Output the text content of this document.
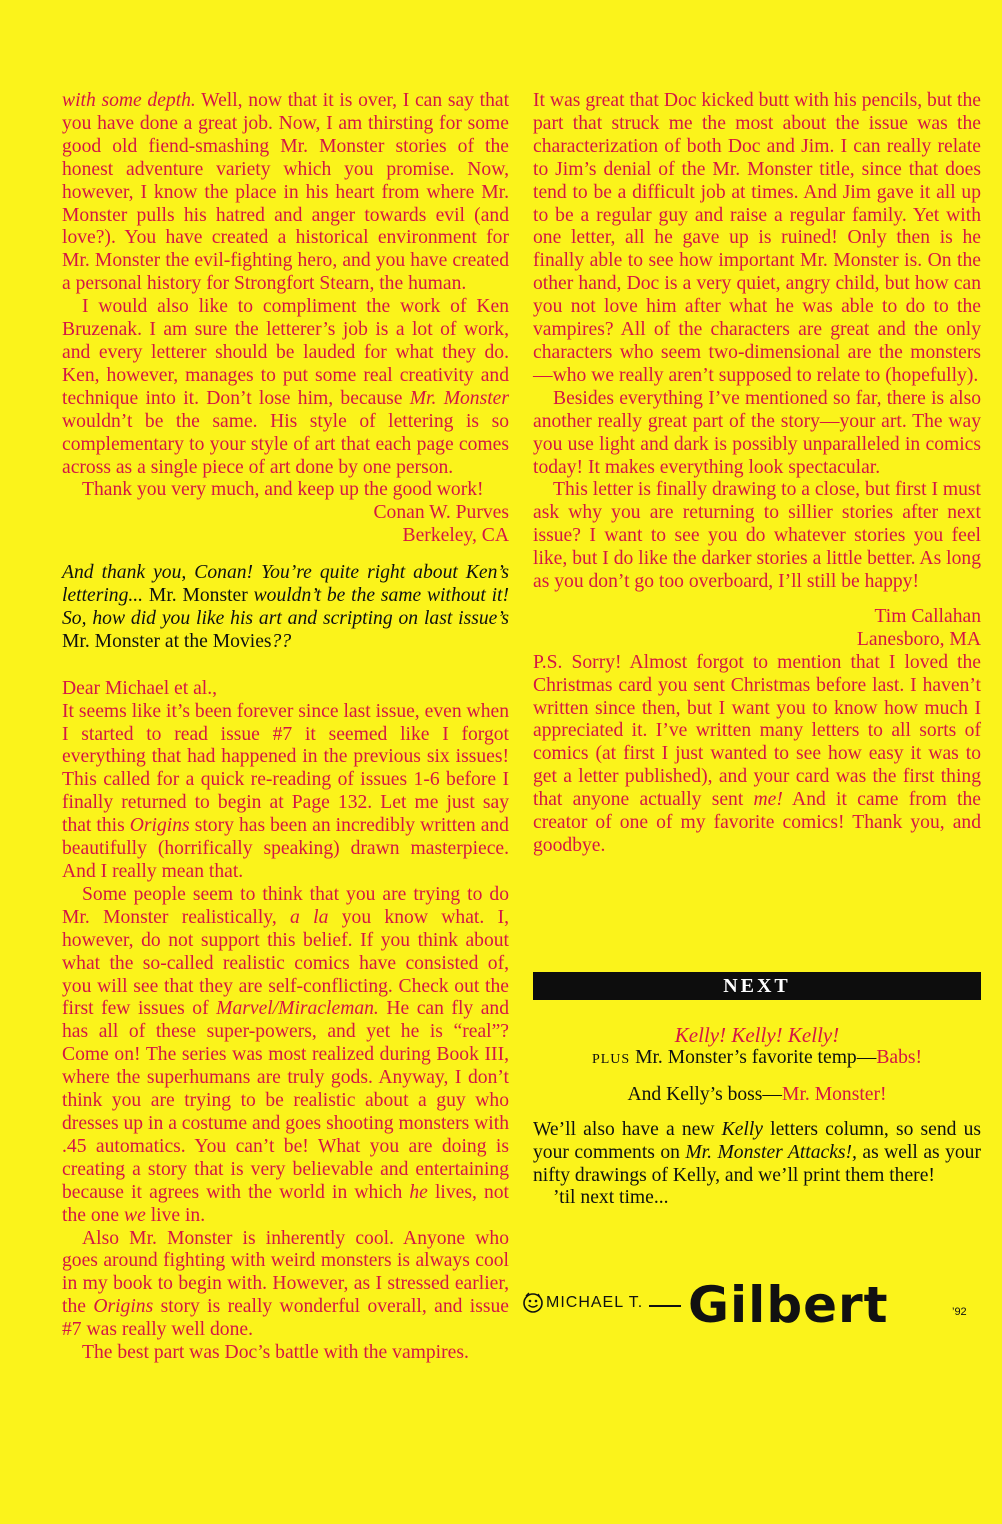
with some depth. Well, now that it is over, I can say that you have done a great job. Now, I am thirsting for some good old fiend-smashing Mr. Monster stories of the honest adventure variety which you promise. Now, however, I know the place in his heart from where Mr. Monster pulls his hatred and anger towards evil (and love?). You have created a historical environment for Mr. Monster the evil-fighting hero, and you have created a personal history for Strongfort Stearn, the human.

I would also like to compliment the work of Ken Bruzenak. I am sure the letterer’s job is a lot of work, and every letterer should be lauded for what they do. Ken, however, manages to put some real creativity and technique into it. Don’t lose him, because Mr. Monster wouldn’t be the same. His style of lettering is so complementary to your style of art that each page comes across as a single piece of art done by one person.

Thank you very much, and keep up the good work!

Conan W. Purves

Berkeley, CA

And thank you, Conan! You’re quite right about Ken’s lettering... Mr. Monster wouldn’t be the same without it! So, how did you like his art and scripting on last issue’s Mr. Monster at the Movies??

Dear Michael et al.,

It seems like it’s been forever since last issue, even when I started to read issue #7 it seemed like I forgot everything that had happened in the previous six issues! This called for a quick re-reading of issues 1-6 before I finally returned to begin at Page 132. Let me just say that this Origins story has been an incredibly written and beautifully (horrifically speaking) drawn masterpiece. And I really mean that.

Some people seem to think that you are trying to do Mr. Monster realistically, a la you know what. I, however, do not support this belief. If you think about what the so-called realistic comics have consisted of, you will see that they are self-conflicting. Check out the first few issues of Marvel/Miracleman. He can fly and has all of these super-powers, and yet he is “real”? Come on! The series was most realized during Book III, where the superhumans are truly gods. Anyway, I don’t think you are trying to be realistic about a guy who dresses up in a costume and goes shooting monsters with .45 automatics. You can’t be! What you are doing is creating a story that is very believable and entertaining because it agrees with the world in which he lives, not the one we live in.

Also Mr. Monster is inherently cool. Anyone who goes around fighting with weird monsters is always cool in my book to begin with. However, as I stressed earlier, the Origins story is really wonderful overall, and issue #7 was really well done.

The best part was Doc’s battle with the vampires.

It was great that Doc kicked butt with his pencils, but the part that struck me the most about the issue was the characterization of both Doc and Jim. I can really relate to Jim’s denial of the Mr. Monster title, since that does tend to be a difficult job at times. And Jim gave it all up to be a regular guy and raise a regular family. Yet with one letter, all he gave up is ruined! Only then is he finally able to see how important Mr. Monster is. On the other hand, Doc is a very quiet, angry child, but how can you not love him after what he was able to do to the vampires? All of the characters are great and the only characters who seem two-dimensional are the monsters—who we really aren’t supposed to relate to (hopefully).

Besides everything I’ve mentioned so far, there is also another really great part of the story—your art. The way you use light and dark is possibly unparalleled in comics today! It makes everything look spectacular.

This letter is finally drawing to a close, but first I must ask why you are returning to sillier stories after next issue? I want to see you do whatever stories you feel like, but I do like the darker stories a little better. As long as you don’t go too overboard, I’ll still be happy!

Tim Callahan

Lanesboro, MA

P.S. Sorry! Almost forgot to mention that I loved the Christmas card you sent Christmas before last. I haven’t written since then, but I want you to know how much I appreciated it. I’ve written many letters to all sorts of comics (at first I just wanted to see how easy it was to get a letter published), and your card was the first thing that anyone actually sent me! And it came from the creator of one of my favorite comics! Thank you, and goodbye.

NEXT

Kelly! Kelly! Kelly!

PLUS Mr. Monster’s favorite temp—Babs!

And Kelly’s boss—Mr. Monster!

We’ll also have a new Kelly letters column, so send us your comments on Mr. Monster Attacks!, as well as your nifty drawings of Kelly, and we’ll print them there!

’til next time...

MICHAEL T. Gilbert	’92
